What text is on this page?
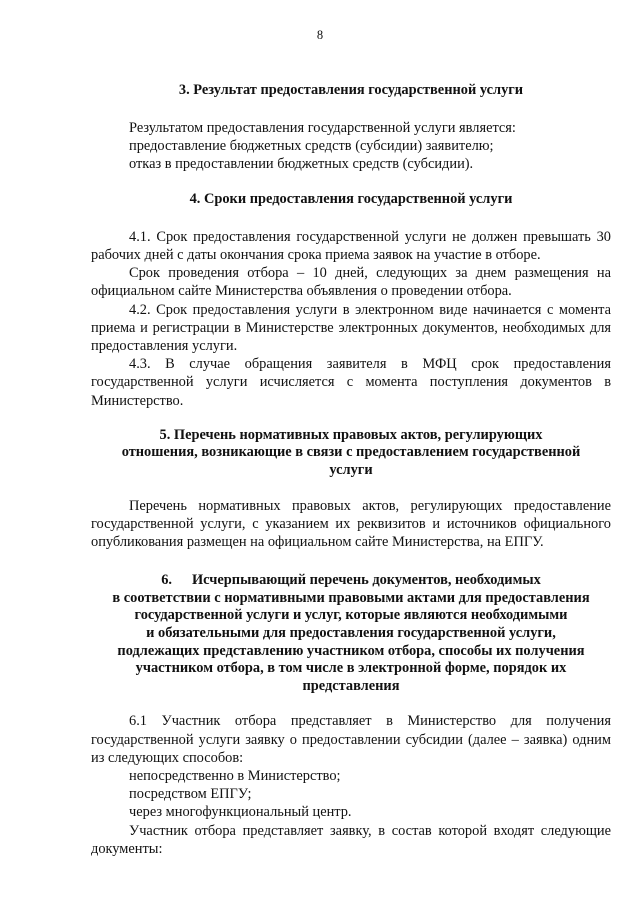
8
3. Результат предоставления государственной услуги

Результатом предоставления государственной услуги является:

предоставление бюджетных средств (субсидии) заявителю;

отказ в предоставлении бюджетных средств (субсидии).

4. Сроки предоставления государственной услуги

4.1. Срок предоставления государственной услуги не должен превышать 30 рабочих дней с даты окончания срока приема заявок на участие в отборе.

Срок проведения отбора – 10 дней, следующих за днем размещения на официальном сайте Министерства объявления о проведении отбора.

4.2. Срок предоставления услуги в электронном виде начинается с момента приема и регистрации в Министерстве электронных документов, необходимых для предоставления услуги.

4.3. В случае обращения заявителя в МФЦ срок предоставления государственной услуги исчисляется с момента поступления документов в Министерство.

5. Перечень нормативных правовых актов, регулирующих
отношения, возникающие в связи с предоставлением государственной
услуги

Перечень нормативных правовых актов, регулирующих предоставление государственной услуги, с указанием их реквизитов и источников официального опубликования размещен на официальном сайте Министерства, на ЕПГУ.

6. Исчерпывающий перечень документов, необходимых
в соответствии с нормативными правовыми актами для предоставления
государственной услуги и услуг, которые являются необходимыми
и обязательными для предоставления государственной услуги,
подлежащих представлению участником отбора, способы их получения
участником отбора, в том числе в электронной форме, порядок их
представления

6.1 Участник отбора представляет в Министерство для получения государственной услуги заявку о предоставлении субсидии (далее – заявка) одним из следующих способов:

непосредственно в Министерство;

посредством ЕПГУ;

через многофункциональный центр.

Участник отбора представляет заявку, в состав которой входят следующие документы:
